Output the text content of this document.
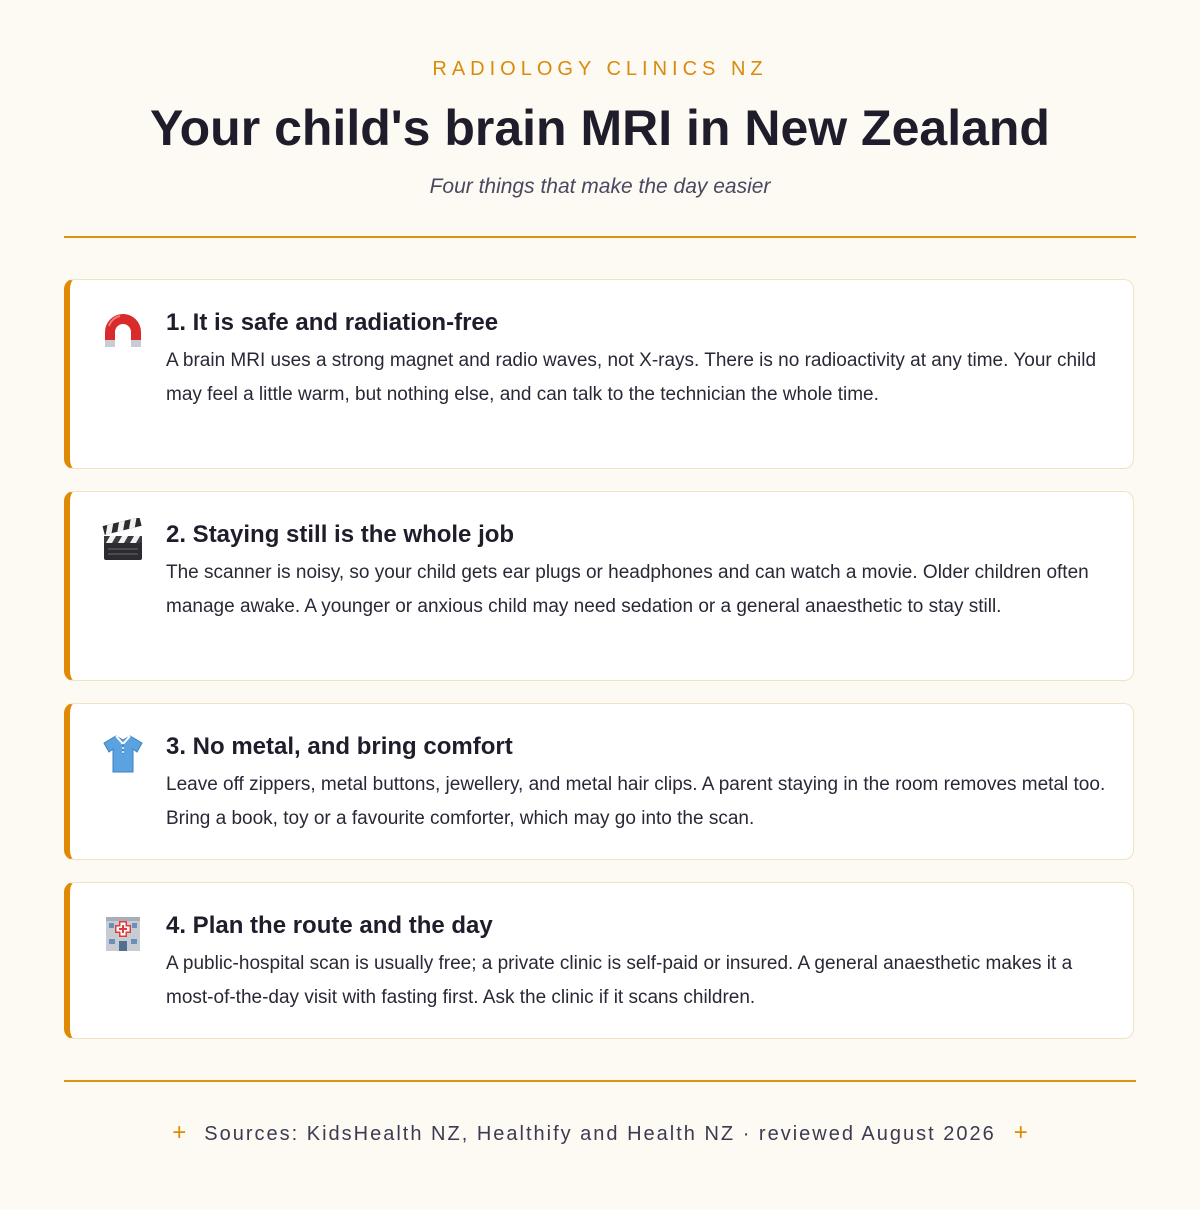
RADIOLOGY CLINICS NZ
Your child's brain MRI in New Zealand
Four things that make the day easier
1. It is safe and radiation-free

A brain MRI uses a strong magnet and radio waves, not X-rays. There is no radioactivity at any time. Your child may feel a little warm, but nothing else, and can talk to the technician the whole time.

2. Staying still is the whole job

The scanner is noisy, so your child gets ear plugs or headphones and can watch a movie. Older children often manage awake. A younger or anxious child may need sedation or a general anaesthetic to stay still.

3. No metal, and bring comfort

Leave off zippers, metal buttons, jewellery, and metal hair clips. A parent staying in the room removes metal too. Bring a book, toy or a favourite comforter, which may go into the scan.

4. Plan the route and the day

A public-hospital scan is usually free; a private clinic is self-paid or insured. A general anaesthetic makes it a most-of-the-day visit with fasting first. Ask the clinic if it scans children.

+ Sources: KidsHealth NZ, Healthify and Health NZ · reviewed August 2026 +
